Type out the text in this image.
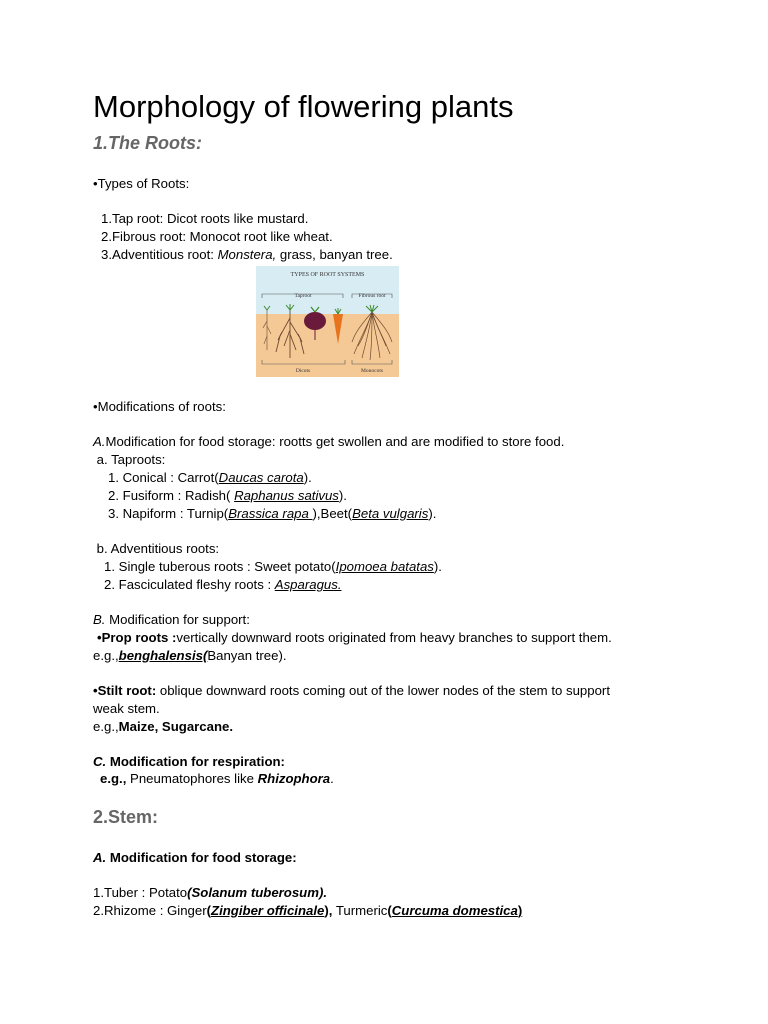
Morphology of flowering plants
1.The Roots:
•Types of Roots:
1.Tap root: Dicot roots like mustard.
2.Fibrous root: Monocot root like wheat.
3.Adventitious root: Monstera, grass, banyan tree.
TYPES OF ROOT SYSTEMS
Taproot	Fibrous root
Dicots	Monocots
•Modifications of roots:
A.Modification for food storage: rootts get swollen and are modified to store food.
a. Taproots:
1. Conical : Carrot(Daucas carota).
2. Fusiform : Radish( Raphanus sativus).
3. Napiform : Turnip(Brassica rapa ),Beet(Beta vulgaris).
b. Adventitious roots:
1. Single tuberous roots : Sweet potato(Ipomoea batatas).
2. Fasciculated fleshy roots : Asparagus.
B. Modification for support:
•Prop roots :vertically downward roots originated from heavy branches to support them.
e.g.,benghalensis(Banyan tree).
•Stilt root: oblique downward roots coming out of the lower nodes of the stem to support
weak stem.
e.g.,Maize, Sugarcane.
C. Modification for respiration:
e.g., Pneumatophores like Rhizophora.
2.Stem:
A. Modification for food storage:
1.Tuber : Potato(Solanum tuberosum).
2.Rhizome : Ginger(Zingiber officinale), Turmeric(Curcuma domestica)
